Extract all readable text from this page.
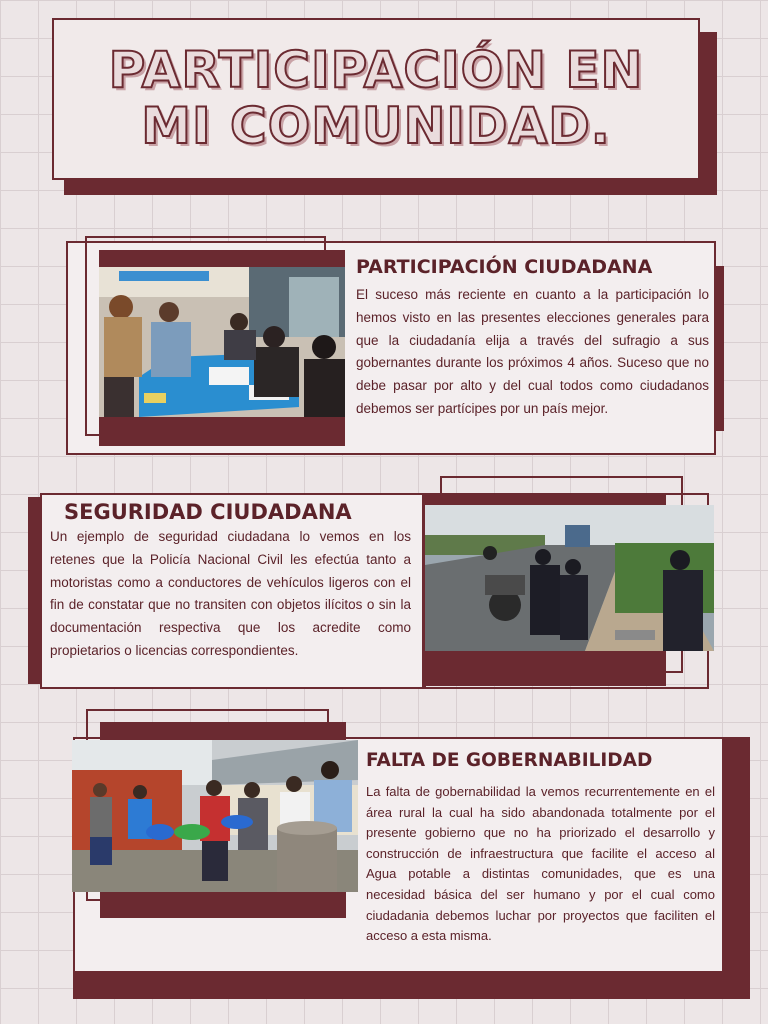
PARTICIPACIÓN EN
MI COMUNIDAD.
PARTICIPACIÓN CIUDADANA
El suceso más reciente en cuanto a la participación lo hemos visto en las presentes elecciones generales para que la ciudadanía elija a través del sufragio a sus gobernantes durante los próximos 4 años. Suceso que no debe pasar por alto y del cual todos como ciudadanos debemos ser partícipes por un país mejor.
SEGURIDAD CIUDADANA
Un ejemplo de seguridad ciudadana lo vemos en los retenes que la Policía Nacional Civil les efectúa tanto a motoristas como a conductores de vehículos ligeros con el fin de constatar que no transiten con objetos ilícitos o sin la documentación respectiva que los acredite como propietarios o licencias correspondientes.
FALTA DE GOBERNABILIDAD
La falta de gobernabilidad la vemos recurrentemente en el área rural la cual ha sido abandonada totalmente por el presente gobierno que no ha priorizado el desarrollo y construcción de infraestructura que facilite el acceso al Agua potable a distintas comunidades, que es una necesidad básica del ser humano y por el cual como ciudadania debemos luchar por proyectos que faciliten el acceso a esta misma.
